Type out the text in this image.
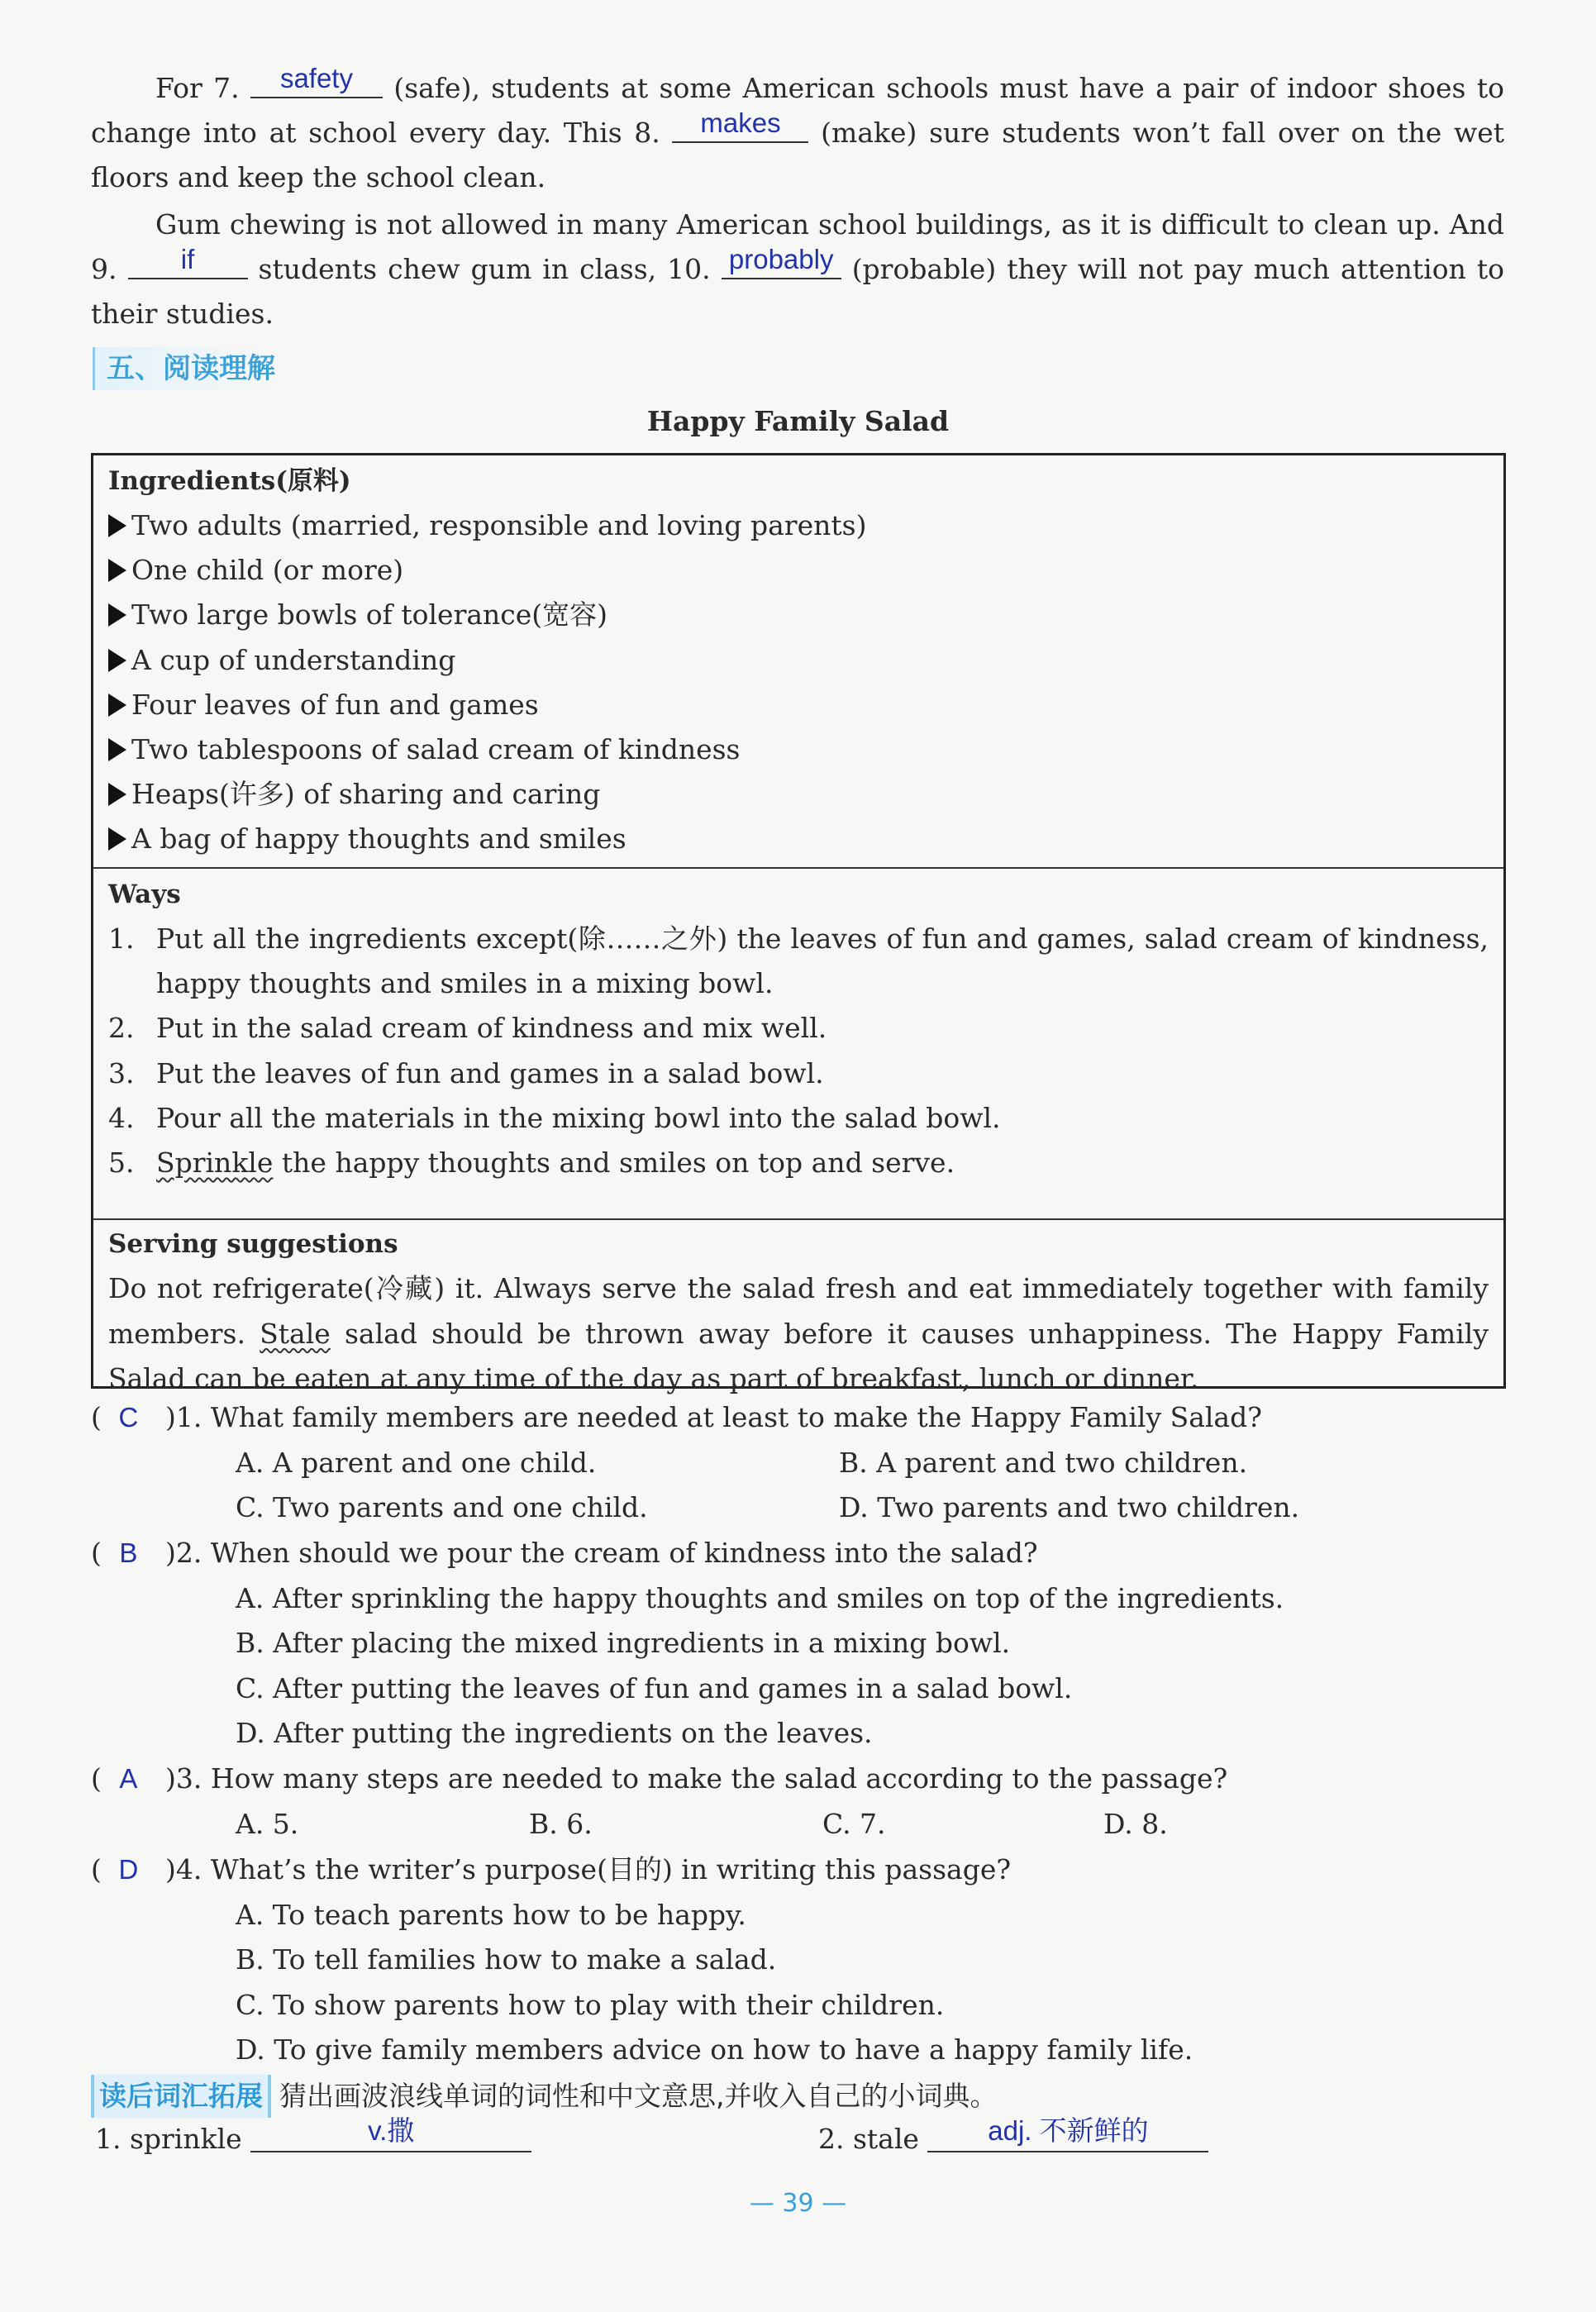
For 7. safety (safe), students at some American schools must have a pair of indoor shoes to change into at school every day. This 8. makes (make) sure students won’t fall over on the wet floors and keep the school clean.
Gum chewing is not allowed in many American school buildings, as it is difficult to clean up. And 9. if students chew gum in class, 10. probably (probable) they will not pay much attention to their studies.
五、阅读理解
Happy Family Salad
Ingredients(原料)
Two adults (married, responsible and loving parents)
One child (or more)
Two large bowls of tolerance(宽容)
A cup of understanding
Four leaves of fun and games
Two tablespoons of salad cream of kindness
Heaps(许多) of sharing and caring
A bag of happy thoughts and smiles
Ways
1. Put all the ingredients except(除……之外) the leaves of fun and games, salad cream of kindness, happy thoughts and smiles in a mixing bowl.
2. Put in the salad cream of kindness and mix well.
3. Put the leaves of fun and games in a salad bowl.
4. Pour all the materials in the mixing bowl into the salad bowl.
5. Sprinkle the happy thoughts and smiles on top and serve.
Serving suggestions
Do not refrigerate(冷藏) it. Always serve the salad fresh and eat immediately together with family members. Stale salad should be thrown away before it causes unhappiness. The Happy Family Salad can be eaten at any time of the day as part of breakfast, lunch or dinner.
( C )1. What family members are needed at least to make the Happy Family Salad?
A. A parent and one child.	B. A parent and two children.
C. Two parents and one child.	D. Two parents and two children.
( B )2. When should we pour the cream of kindness into the salad?
A. After sprinkling the happy thoughts and smiles on top of the ingredients.
B. After placing the mixed ingredients in a mixing bowl.
C. After putting the leaves of fun and games in a salad bowl.
D. After putting the ingredients on the leaves.
( A )3. How many steps are needed to make the salad according to the passage?
A. 5.	B. 6.	C. 7.	D. 8.
( D )4. What’s the writer’s purpose(目的) in writing this passage?
A. To teach parents how to be happy.
B. To tell families how to make a salad.
C. To show parents how to play with their children.
D. To give family members advice on how to have a happy family life.
读后词汇拓展 猜出画波浪线单词的词性和中文意思,并收入自己的小词典。
1. sprinkle	v.撒	2. stale	adj. 不新鲜的
— 39 —
